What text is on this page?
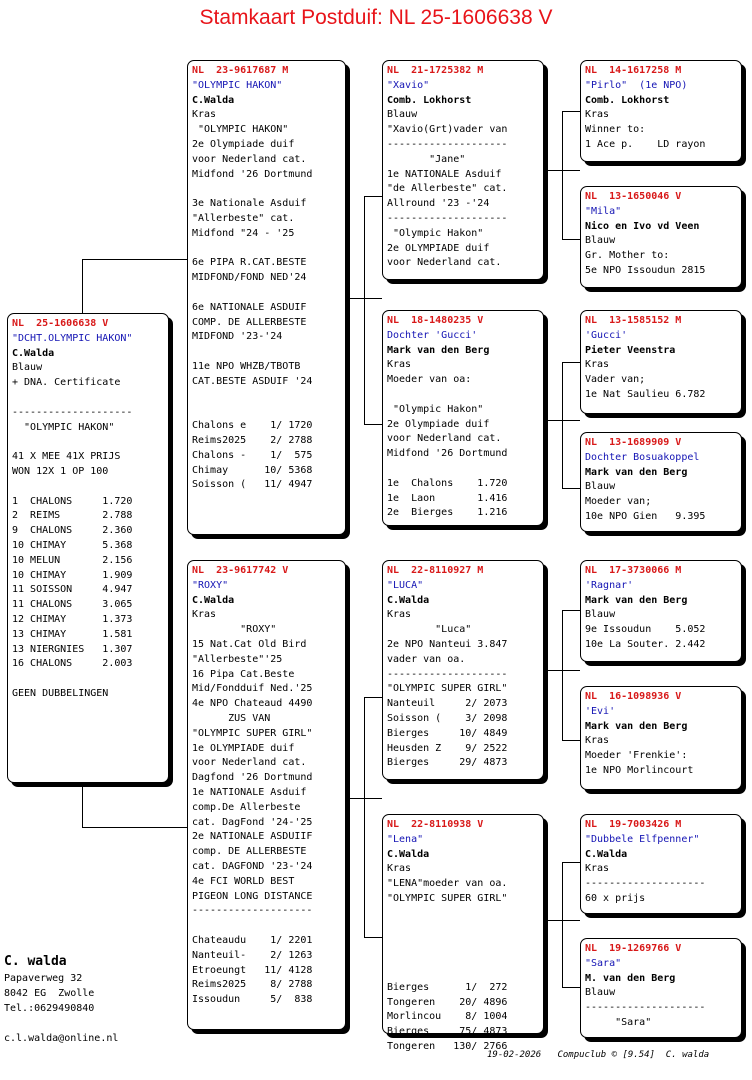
Stamkaart Postduif: NL 25-1606638 V
NL  25-1606638 V
"DCHT.OLYMPIC HAKON"
C.Walda
Blauw
+ DNA. Certificate
--------------------
"OLYMPIC HAKON"
41 X MEE 41X PRIJS
WON 12X 1 OP 100
1  CHALONS     1.720
2  REIMS       2.788
9  CHALONS     2.360
10 CHIMAY      5.368
10 MELUN       2.156
10 CHIMAY      1.909
11 SOISSON     4.947
11 CHALONS     3.065
12 CHIMAY      1.373
13 CHIMAY      1.581
13 NIERGNIES   1.307
16 CHALONS     2.003
GEEN DUBBELINGEN
NL  23-9617687 M
"OLYMPIC HAKON"
C.Walda
Kras
"OLYMPIC HAKON"
2e Olympiade duif
voor Nederland cat.
Midfond '26 Dortmund
3e Nationale Asduif
"Allerbeste" cat.
Midfond "24 - '25
6e PIPA R.CAT.BESTE
MIDFOND/FOND NED'24
6e NATIONALE ASDUIF
COMP. DE ALLERBESTE
MIDFOND '23-'24
11e NPO WHZB/TBOTB
CAT.BESTE ASDUIF '24
Chalons e    1/ 1720
Reims2025    2/ 2788
Chalons -    1/  575
Chimay      10/ 5368
Soisson (   11/ 4947
NL  23-9617742 V
"ROXY"
C.Walda
Kras
"ROXY"
15 Nat.Cat Old Bird
"Allerbeste"'25
16 Pipa Cat.Beste
Mid/Fondduif Ned.'25
4e NPO Chateaud 4490
ZUS VAN
"OLYMPIC SUPER GIRL"
1e OLYMPIADE duif
voor Nederland cat.
Dagfond '26 Dortmund
1e NATIONALE Asduif
comp.De Allerbeste
cat. DagFond '24-'25
2e NATIONALE ASDUIIF
comp. DE ALLERBESTE
cat. DAGFOND '23-'24
4e FCI WORLD BEST
PIGEON LONG DISTANCE
--------------------
Chateaudu    1/ 2201
Nanteuil-    2/ 1263
Etroeungt   11/ 4128
Reims2025    8/ 2788
Issoudun     5/  838
NL  21-1725382 M
"Xavio"
Comb. Lokhorst
Blauw
"Xavio(Grt)vader van
--------------------
"Jane"
1e NATIONALE Asduif
"de Allerbeste" cat.
Allround '23 -'24
--------------------
"Olympic Hakon"
2e OLYMPIADE duif
voor Nederland cat.
NL  18-1480235 V
Dochter 'Gucci'
Mark van den Berg
Kras
Moeder van oa:
"Olympic Hakon"
2e Olympiade duif
voor Nederland cat.
Midfond '26 Dortmund
1e  Chalons    1.720
1e  Laon       1.416
2e  Bierges    1.216
NL  22-8110927 M
"LUCA"
C.Walda
Kras
"Luca"
2e NPO Nanteui 3.847
vader van oa.
--------------------
"OLYMPIC SUPER GIRL"
Nanteuil     2/ 2073
Soisson (    3/ 2098
Bierges     10/ 4849
Heusden Z    9/ 2522
Bierges     29/ 4873
NL  22-8110938 V
"Lena"
C.Walda
Kras
"LENA"moeder van oa.
"OLYMPIC SUPER GIRL"
Bierges      1/  272
Tongeren    20/ 4896
Morlincou    8/ 1004
Bierges     75/ 4873
Tongeren   130/ 2766
NL  14-1617258 M
"Pirlo"  (1e NPO)
Comb. Lokhorst
Kras
Winner to:
1 Ace p.    LD rayon
NL  13-1650046 V
"Mila"
Nico en Ivo vd Veen
Blauw
Gr. Mother to:
5e NPO Issoudun 2815
NL  13-1585152 M
'Gucci'
Pieter Veenstra
Kras
Vader van;
1e Nat Saulieu 6.782
NL  13-1689909 V
Dochter Bosuakoppel
Mark van den Berg
Blauw
Moeder van;
10e NPO Gien   9.395
NL  17-3730066 M
'Ragnar'
Mark van den Berg
Blauw
9e Issoudun    5.052
10e La Souter. 2.442
NL  16-1098936 V
'Evi'
Mark van den Berg
Kras
Moeder 'Frenkie':
1e NPO Morlincourt
NL  19-7003426 M
"Dubbele Elfpenner"
C.Walda
Kras
--------------------
60 x prijs
NL  19-1269766 V
"Sara"
M. van den Berg
Blauw
--------------------
"Sara"
C. walda
Papaverweg 32
8042 EG  Zwolle
Tel.:0629490840
c.l.walda@online.nl
19-02-2026   Compuclub © [9.54]  C. walda
